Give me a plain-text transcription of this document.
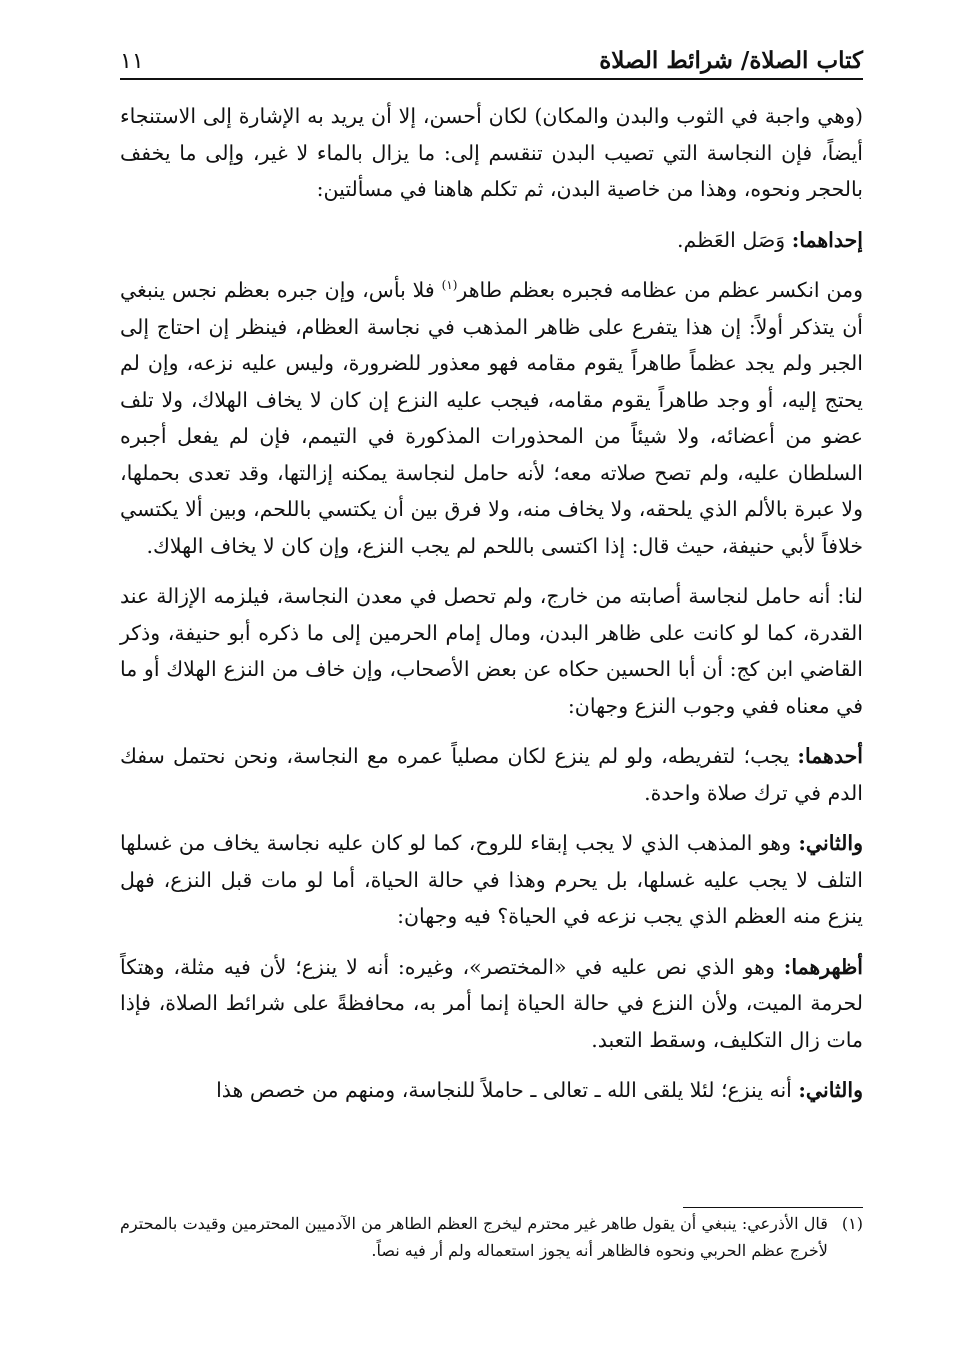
كتاب الصلاة/ شرائط الصلاة
١١

(وهي واجبة في الثوب والبدن والمكان) لكان أحسن، إلا أن يريد به الإشارة إلى الاستنجاء أيضاً، فإن النجاسة التي تصيب البدن تنقسم إلى: ما يزال بالماء لا غير، وإلى ما يخفف بالحجر ونحوه، وهذا من خاصية البدن، ثم تكلم هاهنا في مسألتين:

إحداهما: وَصَل العَظم.

ومن انكسر عظم من عظامه فجبره بعظم طاهر$^{(١)}$ فلا بأس، وإن جبره بعظم نجس ينبغي أن يتذكر أولاً: إن هذا يتفرع على ظاهر المذهب في نجاسة العظام، فينظر إن احتاج إلى الجبر ولم يجد عظماً طاهراً يقوم مقامه فهو معذور للضرورة، وليس عليه نزعه، وإن لم يحتج إليه، أو وجد طاهراً يقوم مقامه، فيجب عليه النزع إن كان لا يخاف الهلاك، ولا تلف عضو من أعضائه، ولا شيئاً من المحذورات المذكورة في التيمم، فإن لم يفعل أجبره السلطان عليه، ولم تصح صلاته معه؛ لأنه حامل لنجاسة يمكنه إزالتها، وقد تعدى بحملها، ولا عبرة بالألم الذي يلحقه، ولا يخاف منه، ولا فرق بين أن يكتسي باللحم، وبين ألا يكتسي خلافاً لأبي حنيفة، حيث قال: إذا اكتسى باللحم لم يجب النزع، وإن كان لا يخاف الهلاك.

لنا: أنه حامل لنجاسة أصابته من خارج، ولم تحصل في معدن النجاسة، فيلزمه الإزالة عند القدرة، كما لو كانت على ظاهر البدن، ومال إمام الحرمين إلى ما ذكره أبو حنيفة، وذكر القاضي ابن كج: أن أبا الحسين حكاه عن بعض الأصحاب، وإن خاف من النزع الهلاك أو ما في معناه ففي وجوب النزع وجهان:

أحدهما: يجب؛ لتفريطه، ولو لم ينزع لكان مصلياً عمره مع النجاسة، ونحن نحتمل سفك الدم في ترك صلاة واحدة.

والثاني: وهو المذهب الذي لا يجب إبقاء للروح، كما لو كان عليه نجاسة يخاف من غسلها التلف لا يجب عليه غسلها، بل يحرم وهذا في حالة الحياة، أما لو مات قبل النزع، فهل ينزع منه العظم الذي يجب نزعه في الحياة؟ فيه وجهان:

أظهرهما: وهو الذي نص عليه في «المختصر»، وغيره: أنه لا ينزع؛ لأن فيه مثلة، وهتكاً لحرمة الميت، ولأن النزع في حالة الحياة إنما أمر به، محافظةً على شرائط الصلاة، فإذا مات زال التكليف، وسقط التعبد.

والثاني: أنه ينزع؛ لئلا يلقى الله ـ تعالى ـ حاملاً للنجاسة، ومنهم من خصص هذا

(١)
قال الأذرعي: ينبغي أن يقول طاهر غير محترم ليخرج العظم الطاهر من الآدميين المحترمين وقيدت بالمحترم لأخرج عظم الحربي ونحوه فالظاهر أنه يجوز استعماله ولم أر فيه نصاً.
